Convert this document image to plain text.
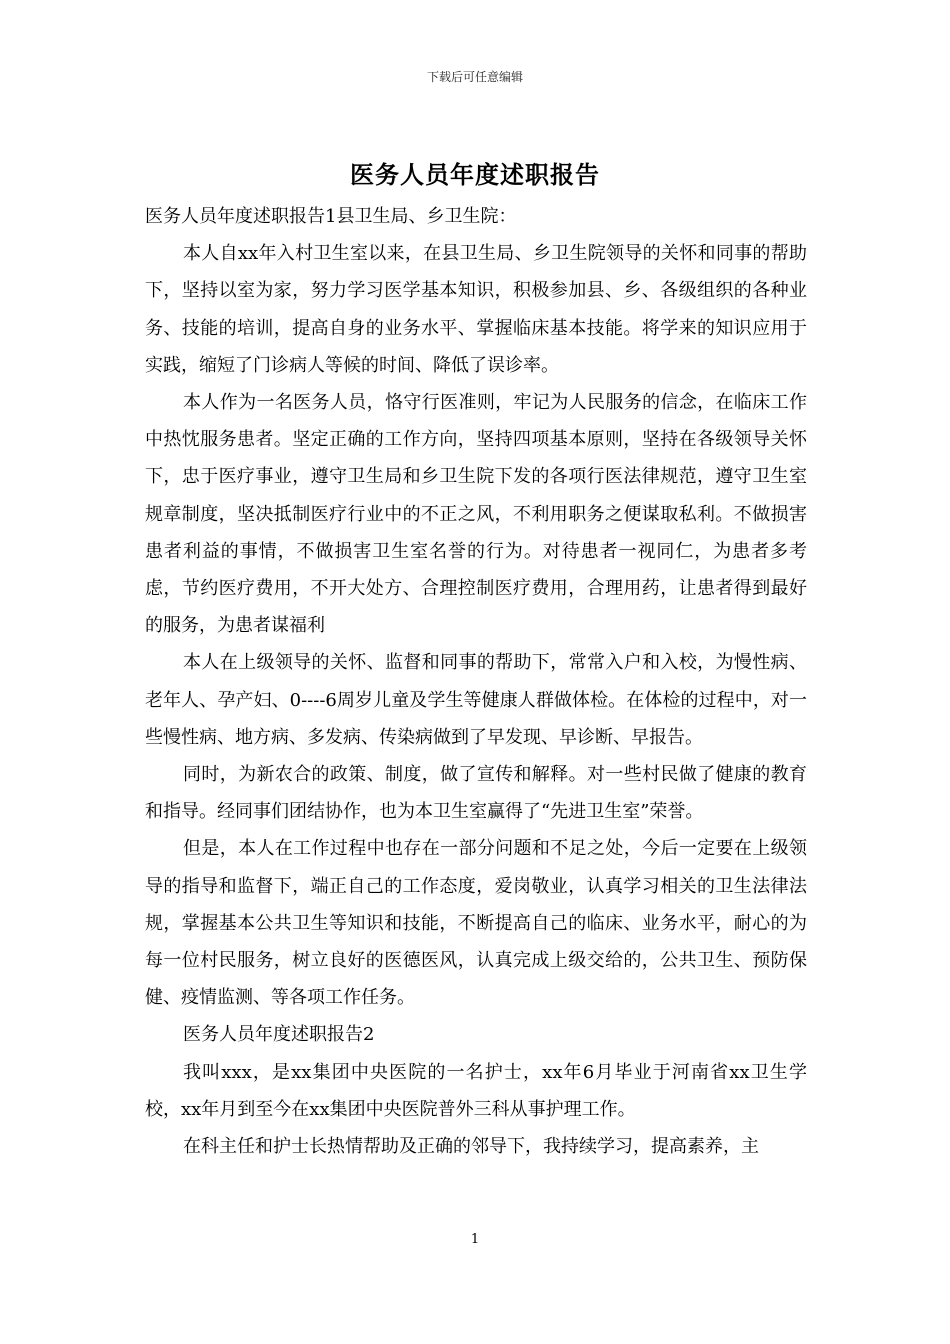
下载后可任意编辑
医务人员年度述职报告

医务人员年度述职报告1县卫生局、乡卫生院：

本人自xx年入村卫生室以来，在县卫生局、乡卫生院领导的关怀和同事的帮助下，坚持以室为家，努力学习医学基本知识，积极参加县、乡、各级组织的各种业务、技能的培训，提高自身的业务水平、掌握临床基本技能。将学来的知识应用于实践，缩短了门诊病人等候的时间、降低了误诊率。

本人作为一名医务人员，恪守行医准则，牢记为人民服务的信念，在临床工作中热忱服务患者。坚定正确的工作方向，坚持四项基本原则，坚持在各级领导关怀下，忠于医疗事业，遵守卫生局和乡卫生院下发的各项行医法律规范，遵守卫生室规章制度，坚决抵制医疗行业中的不正之风，不利用职务之便谋取私利。不做损害患者利益的事情，不做损害卫生室名誉的行为。对待患者一视同仁，为患者多考虑，节约医疗费用，不开大处方、合理控制医疗费用，合理用药，让患者得到最好的服务，为患者谋福利

本人在上级领导的关怀、监督和同事的帮助下，常常入户和入校，为慢性病、老年人、孕产妇、0----6周岁儿童及学生等健康人群做体检。在体检的过程中，对一些慢性病、地方病、多发病、传染病做到了早发现、早诊断、早报告。

同时，为新农合的政策、制度，做了宣传和解释。对一些村民做了健康的教育和指导。经同事们团结协作，也为本卫生室赢得了“先进卫生室”荣誉。

但是，本人在工作过程中也存在一部分问题和不足之处，今后一定要在上级领导的指导和监督下，端正自己的工作态度，爱岗敬业，认真学习相关的卫生法律法规，掌握基本公共卫生等知识和技能，不断提高自己的临床、业务水平，耐心的为每一位村民服务，树立良好的医德医风，认真完成上级交给的，公共卫生、预防保健、疫情监测、等各项工作任务。

医务人员年度述职报告2

我叫xxx，是xx集团中央医院的一名护士，xx年6月毕业于河南省xx卫生学校，xx年月到至今在xx集团中央医院普外三科从事护理工作。

在科主任和护士长热情帮助及正确的邻导下，我持续学习，提高素养，主

1
